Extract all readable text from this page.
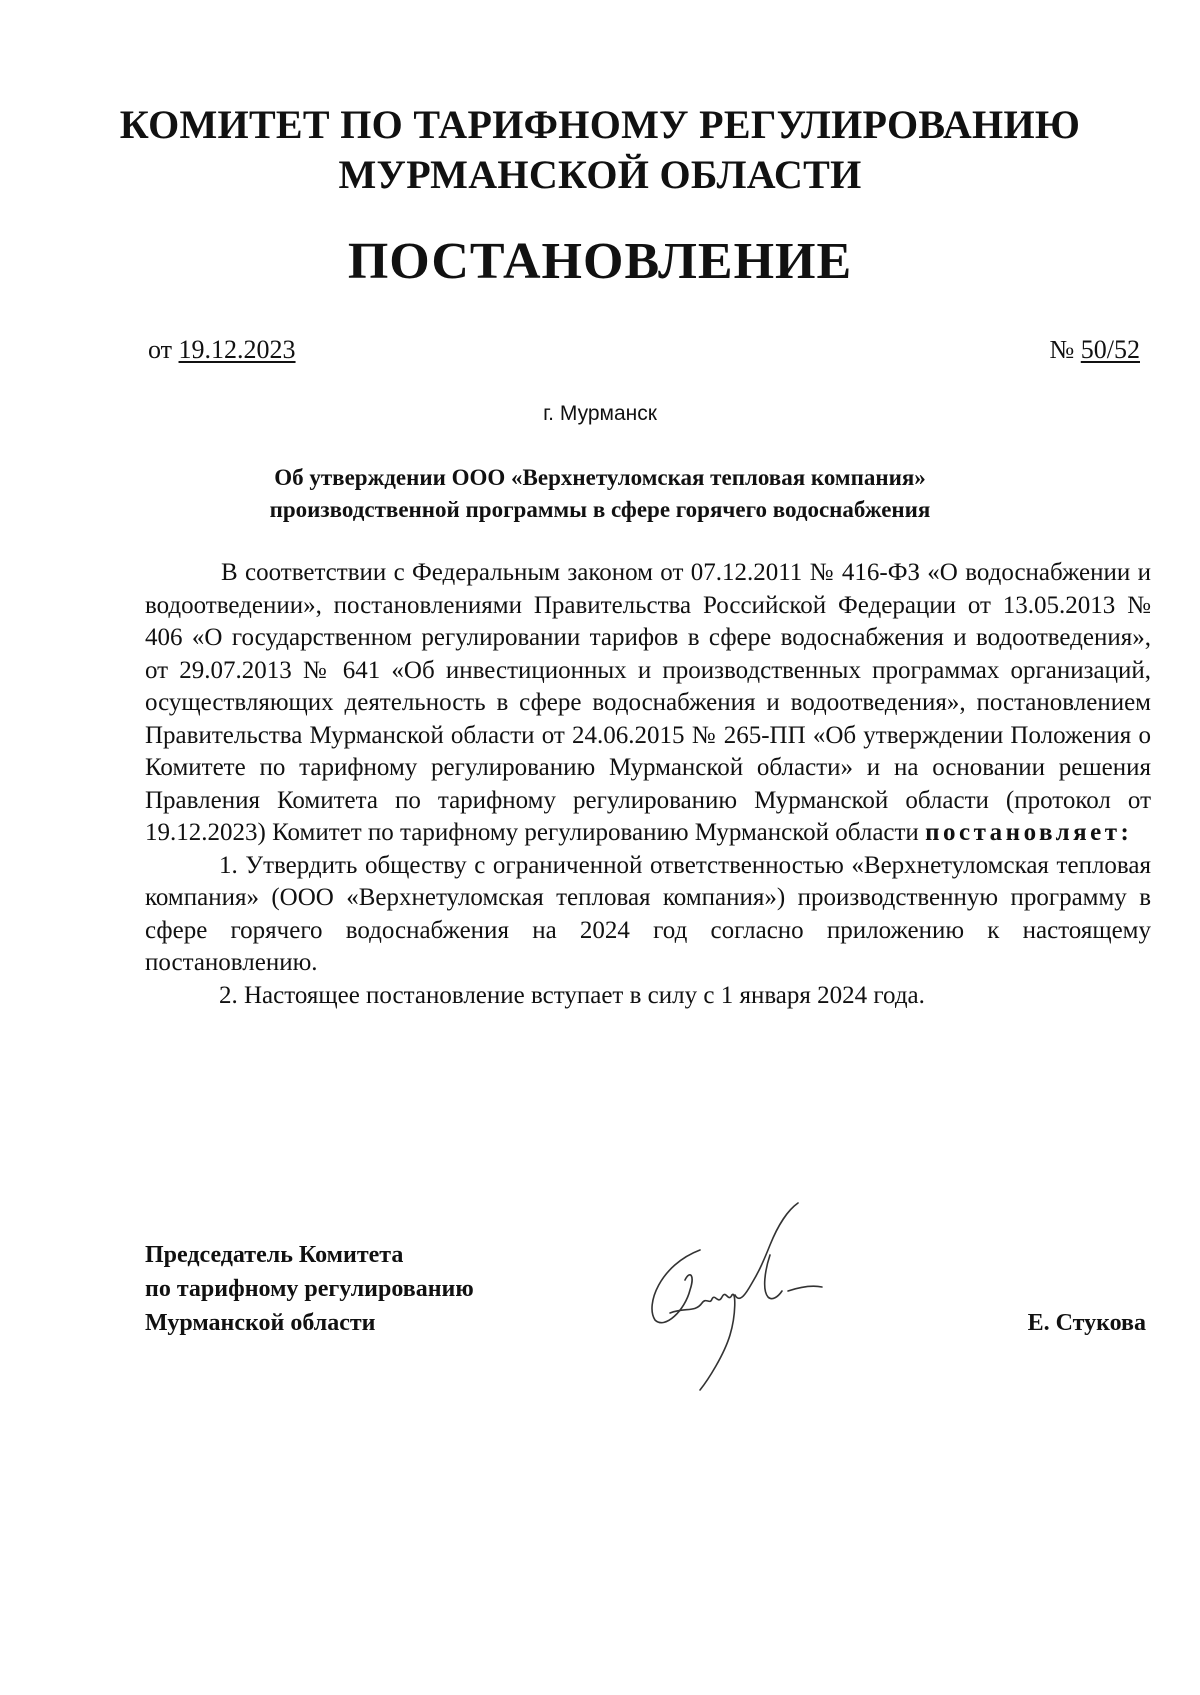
КОМИТЕТ ПО ТАРИФНОМУ РЕГУЛИРОВАНИЮ
МУРМАНСКОЙ ОБЛАСТИ
ПОСТАНОВЛЕНИЕ
от 19.12.2023	№ 50/52
г. Мурманск
Об утверждении ООО «Верхнетуломская тепловая компания»
производственной программы в сфере горячего водоснабжения

В соответствии с Федеральным законом от 07.12.2011 № 416-ФЗ «О водоснабжении и водоотведении», постановлениями Правительства Российской Федерации от 13.05.2013 № 406 «О государственном регулировании тарифов в сфере водоснабжения и водоотведения», от 29.07.2013 № 641 «Об инвестиционных и производственных программах организаций, осуществляющих деятельность в сфере водоснабжения и водоотведения», постановлением Правительства Мурманской области от 24.06.2015 № 265-ПП «Об утверждении Положения о Комитете по тарифному регулированию Мурманской области» и на основании решения Правления Комитета по тарифному регулированию Мурманской области (протокол от 19.12.2023) Комитет по тарифному регулированию Мурманской области постановляет:

1. Утвердить обществу с ограниченной ответственностью «Верхнетуломская тепловая компания» (ООО «Верхнетуломская тепловая компания») производственную программу в сфере горячего водоснабжения на 2024 год согласно приложению к настоящему постановлению.
2. Настоящее постановление вступает в силу с 1 января 2024 года.
Председатель Комитета
по тарифному регулированию
Мурманской области	Е. Стукова
